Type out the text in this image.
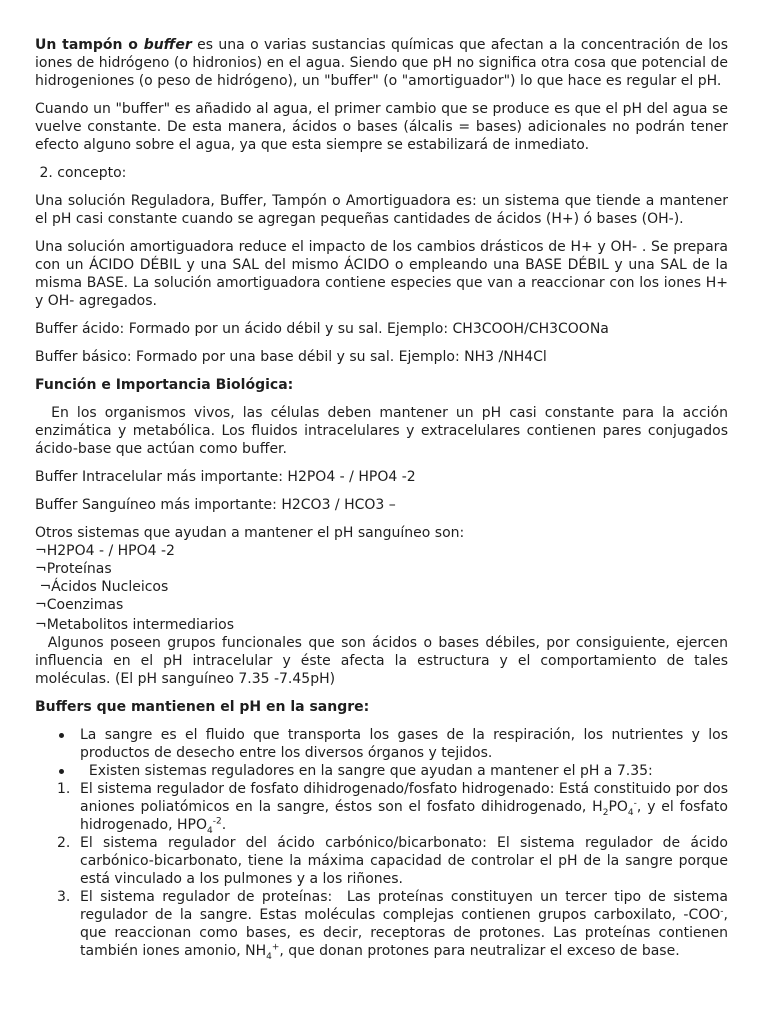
Un tampón o buffer es una o varias sustancias químicas que afectan a la concentración de los iones de hidrógeno (o hidronios) en el agua. Siendo que pH no significa otra cosa que potencial de hidrogeniones (o peso de hidrógeno), un "buffer" (o "amortiguador") lo que hace es regular el pH.

Cuando un "buffer" es añadido al agua, el primer cambio que se produce es que el pH del agua se vuelve constante. De esta manera, ácidos o bases (álcalis = bases) adicionales no podrán tener efecto alguno sobre el agua, ya que esta siempre se estabilizará de inmediato.

2. concepto:

Una solución Reguladora, Buffer, Tampón o Amortiguadora es: un sistema que tiende a mantener el pH casi constante cuando se agregan pequeñas cantidades de ácidos (H+) ó bases (OH-).

Una solución amortiguadora reduce el impacto de los cambios drásticos de H+ y OH- . Se prepara con un ÁCIDO DÉBIL y una SAL del mismo ÁCIDO o empleando una BASE DÉBIL y una SAL de la misma BASE. La solución amortiguadora contiene especies que van a reaccionar con los iones H+ y OH- agregados.

Buffer ácido: Formado por un ácido débil y su sal. Ejemplo: CH3COOH/CH3COONa

Buffer básico: Formado por una base débil y su sal. Ejemplo: NH3 /NH4Cl

Función e Importancia Biológica:

En los organismos vivos, las células deben mantener un pH casi constante para la acción enzimática y metabólica. Los fluidos intracelulares y extracelulares contienen pares conjugados ácido-base que actúan como buffer.

Buffer Intracelular más importante: H2PO4 - / HPO4 -2

Buffer Sanguíneo más importante: H2CO3 / HCO3 –

Otros sistemas que ayudan a mantener el pH sanguíneo son:
¬H2PO4 - / HPO4 -2
¬Proteínas
¬Ácidos Nucleicos
¬Coenzimas
¬Metabolitos intermediarios

Algunos poseen grupos funcionales que son ácidos o bases débiles, por consiguiente, ejercen influencia en el pH intracelular y éste afecta la estructura y el comportamiento de tales moléculas. (El pH sanguíneo 7.35 -7.45pH)

Buffers que mantienen el pH en la sangre:

La sangre es el fluido que transporta los gases de la respiración, los nutrientes y los productos de desecho entre los diversos órganos y tejidos.
Existen sistemas reguladores en la sangre que ayudan a mantener el pH a 7.35:
1. El sistema regulador de fosfato dihidrogenado/fosfato hidrogenado: Está constituido por dos aniones poliatómicos en la sangre, éstos son el fosfato dihidrogenado, $H_2PO_4^-$, y el fosfato hidrogenado, $HPO_4^{-2}$.
2. El sistema regulador del ácido carbónico/bicarbonato: El sistema regulador de ácido carbónico-bicarbonato, tiene la máxima capacidad de controlar el pH de la sangre porque está vinculado a los pulmones y a los riñones.
3. El sistema regulador de proteínas:  Las proteínas constituyen un tercer tipo de sistema regulador de la sangre. Estas moléculas complejas contienen grupos carboxilato, -COO-, que reaccionan como bases, es decir, receptoras de protones. Las proteínas contienen también iones amonio, $NH_4^+$, que donan protones para neutralizar el exceso de base.
